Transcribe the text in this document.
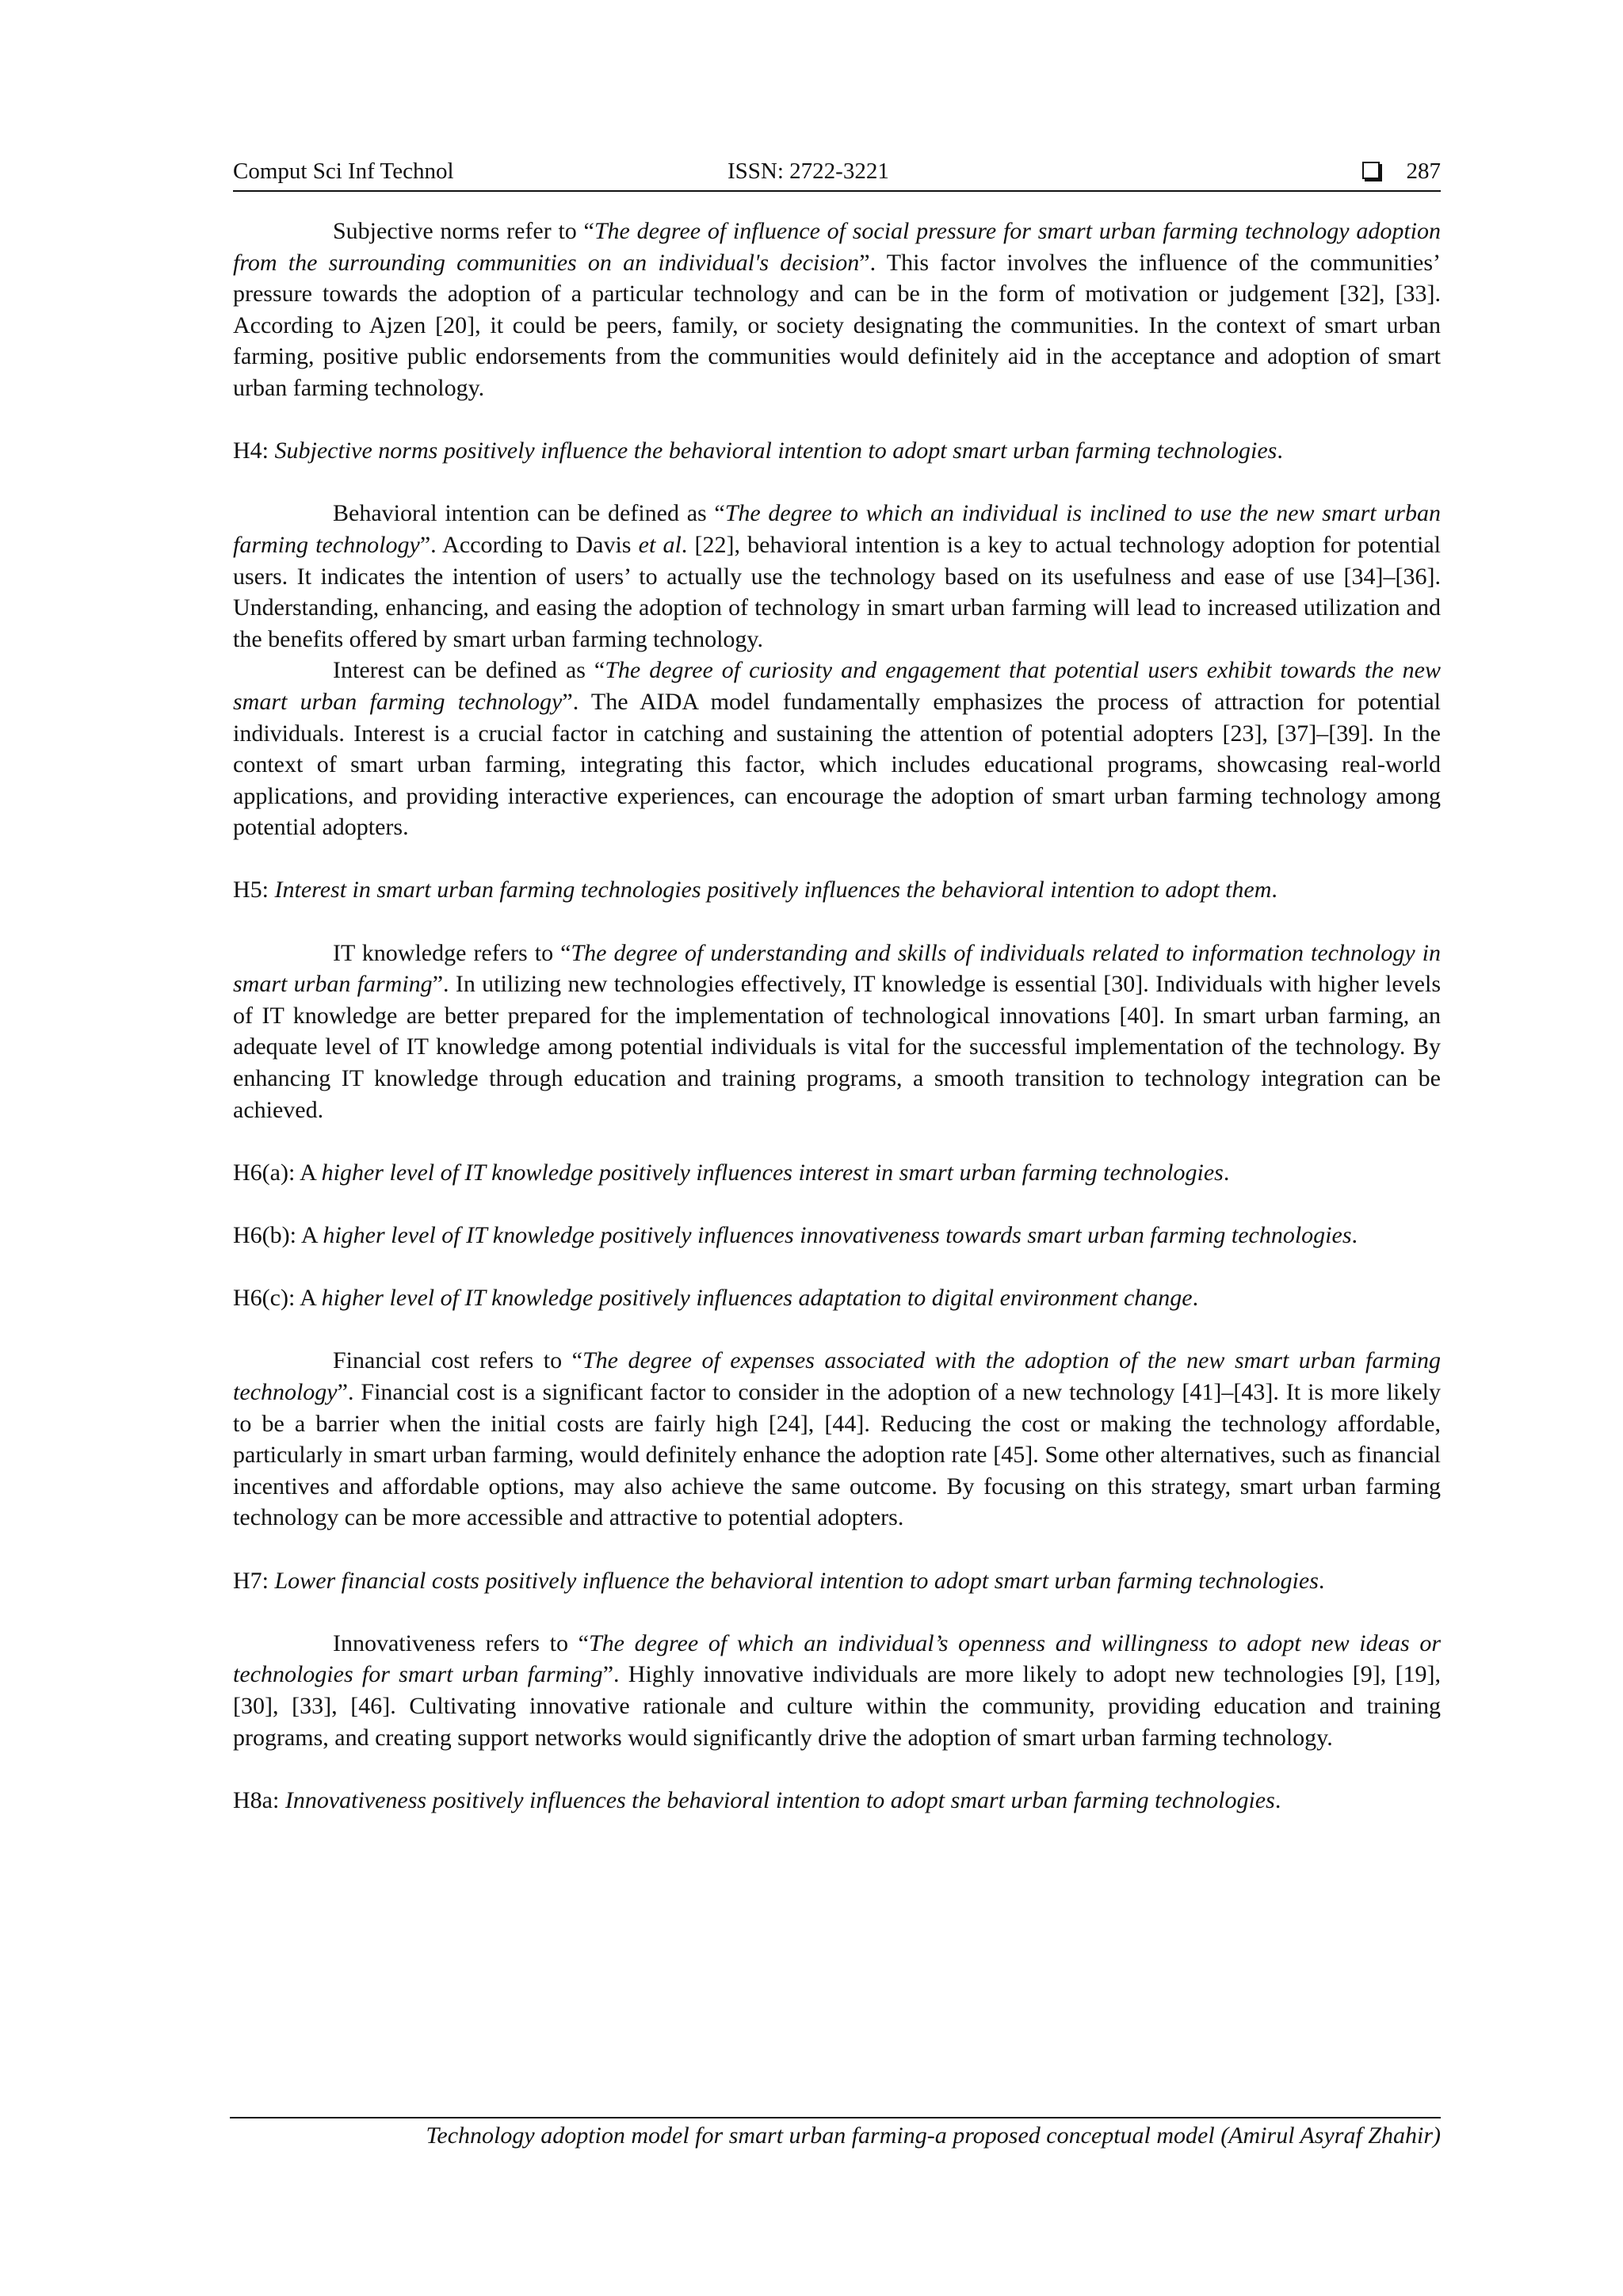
Comput Sci Inf Technol	ISSN: 2722-3221	287

Subjective norms refer to “The degree of influence of social pressure for smart urban farming technology adoption from the surrounding communities on an individual's decision”. This factor involves the influence of the communities’ pressure towards the adoption of a particular technology and can be in the form of motivation or judgement [32], [33]. According to Ajzen [20], it could be peers, family, or society designating the communities. In the context of smart urban farming, positive public endorsements from the communities would definitely aid in the acceptance and adoption of smart urban farming technology.

H4: Subjective norms positively influence the behavioral intention to adopt smart urban farming technologies.

Behavioral intention can be defined as “The degree to which an individual is inclined to use the new smart urban farming technology”. According to Davis et al. [22], behavioral intention is a key to actual technology adoption for potential users. It indicates the intention of users’ to actually use the technology based on its usefulness and ease of use [34]–[36]. Understanding, enhancing, and easing the adoption of technology in smart urban farming will lead to increased utilization and the benefits offered by smart urban farming technology.

Interest can be defined as “The degree of curiosity and engagement that potential users exhibit towards the new smart urban farming technology”. The AIDA model fundamentally emphasizes the process of attraction for potential individuals. Interest is a crucial factor in catching and sustaining the attention of potential adopters [23], [37]–[39]. In the context of smart urban farming, integrating this factor, which includes educational programs, showcasing real-world applications, and providing interactive experiences, can encourage the adoption of smart urban farming technology among potential adopters.

H5: Interest in smart urban farming technologies positively influences the behavioral intention to adopt them.

IT knowledge refers to “The degree of understanding and skills of individuals related to information technology in smart urban farming”. In utilizing new technologies effectively, IT knowledge is essential [30]. Individuals with higher levels of IT knowledge are better prepared for the implementation of technological innovations [40]. In smart urban farming, an adequate level of IT knowledge among potential individuals is vital for the successful implementation of the technology. By enhancing IT knowledge through education and training programs, a smooth transition to technology integration can be achieved.

H6(a): A higher level of IT knowledge positively influences interest in smart urban farming technologies.

H6(b): A higher level of IT knowledge positively influences innovativeness towards smart urban farming technologies.

H6(c): A higher level of IT knowledge positively influences adaptation to digital environment change.

Financial cost refers to “The degree of expenses associated with the adoption of the new smart urban farming technology”. Financial cost is a significant factor to consider in the adoption of a new technology [41]–[43]. It is more likely to be a barrier when the initial costs are fairly high [24], [44]. Reducing the cost or making the technology affordable, particularly in smart urban farming, would definitely enhance the adoption rate [45]. Some other alternatives, such as financial incentives and affordable options, may also achieve the same outcome. By focusing on this strategy, smart urban farming technology can be more accessible and attractive to potential adopters.

H7: Lower financial costs positively influence the behavioral intention to adopt smart urban farming technologies.

Innovativeness refers to “The degree of which an individual’s openness and willingness to adopt new ideas or technologies for smart urban farming”. Highly innovative individuals are more likely to adopt new technologies [9], [19], [30], [33], [46]. Cultivating innovative rationale and culture within the community, providing education and training programs, and creating support networks would significantly drive the adoption of smart urban farming technology.

H8a: Innovativeness positively influences the behavioral intention to adopt smart urban farming technologies.

Technology adoption model for smart urban farming-a proposed conceptual model (Amirul Asyraf Zhahir)
